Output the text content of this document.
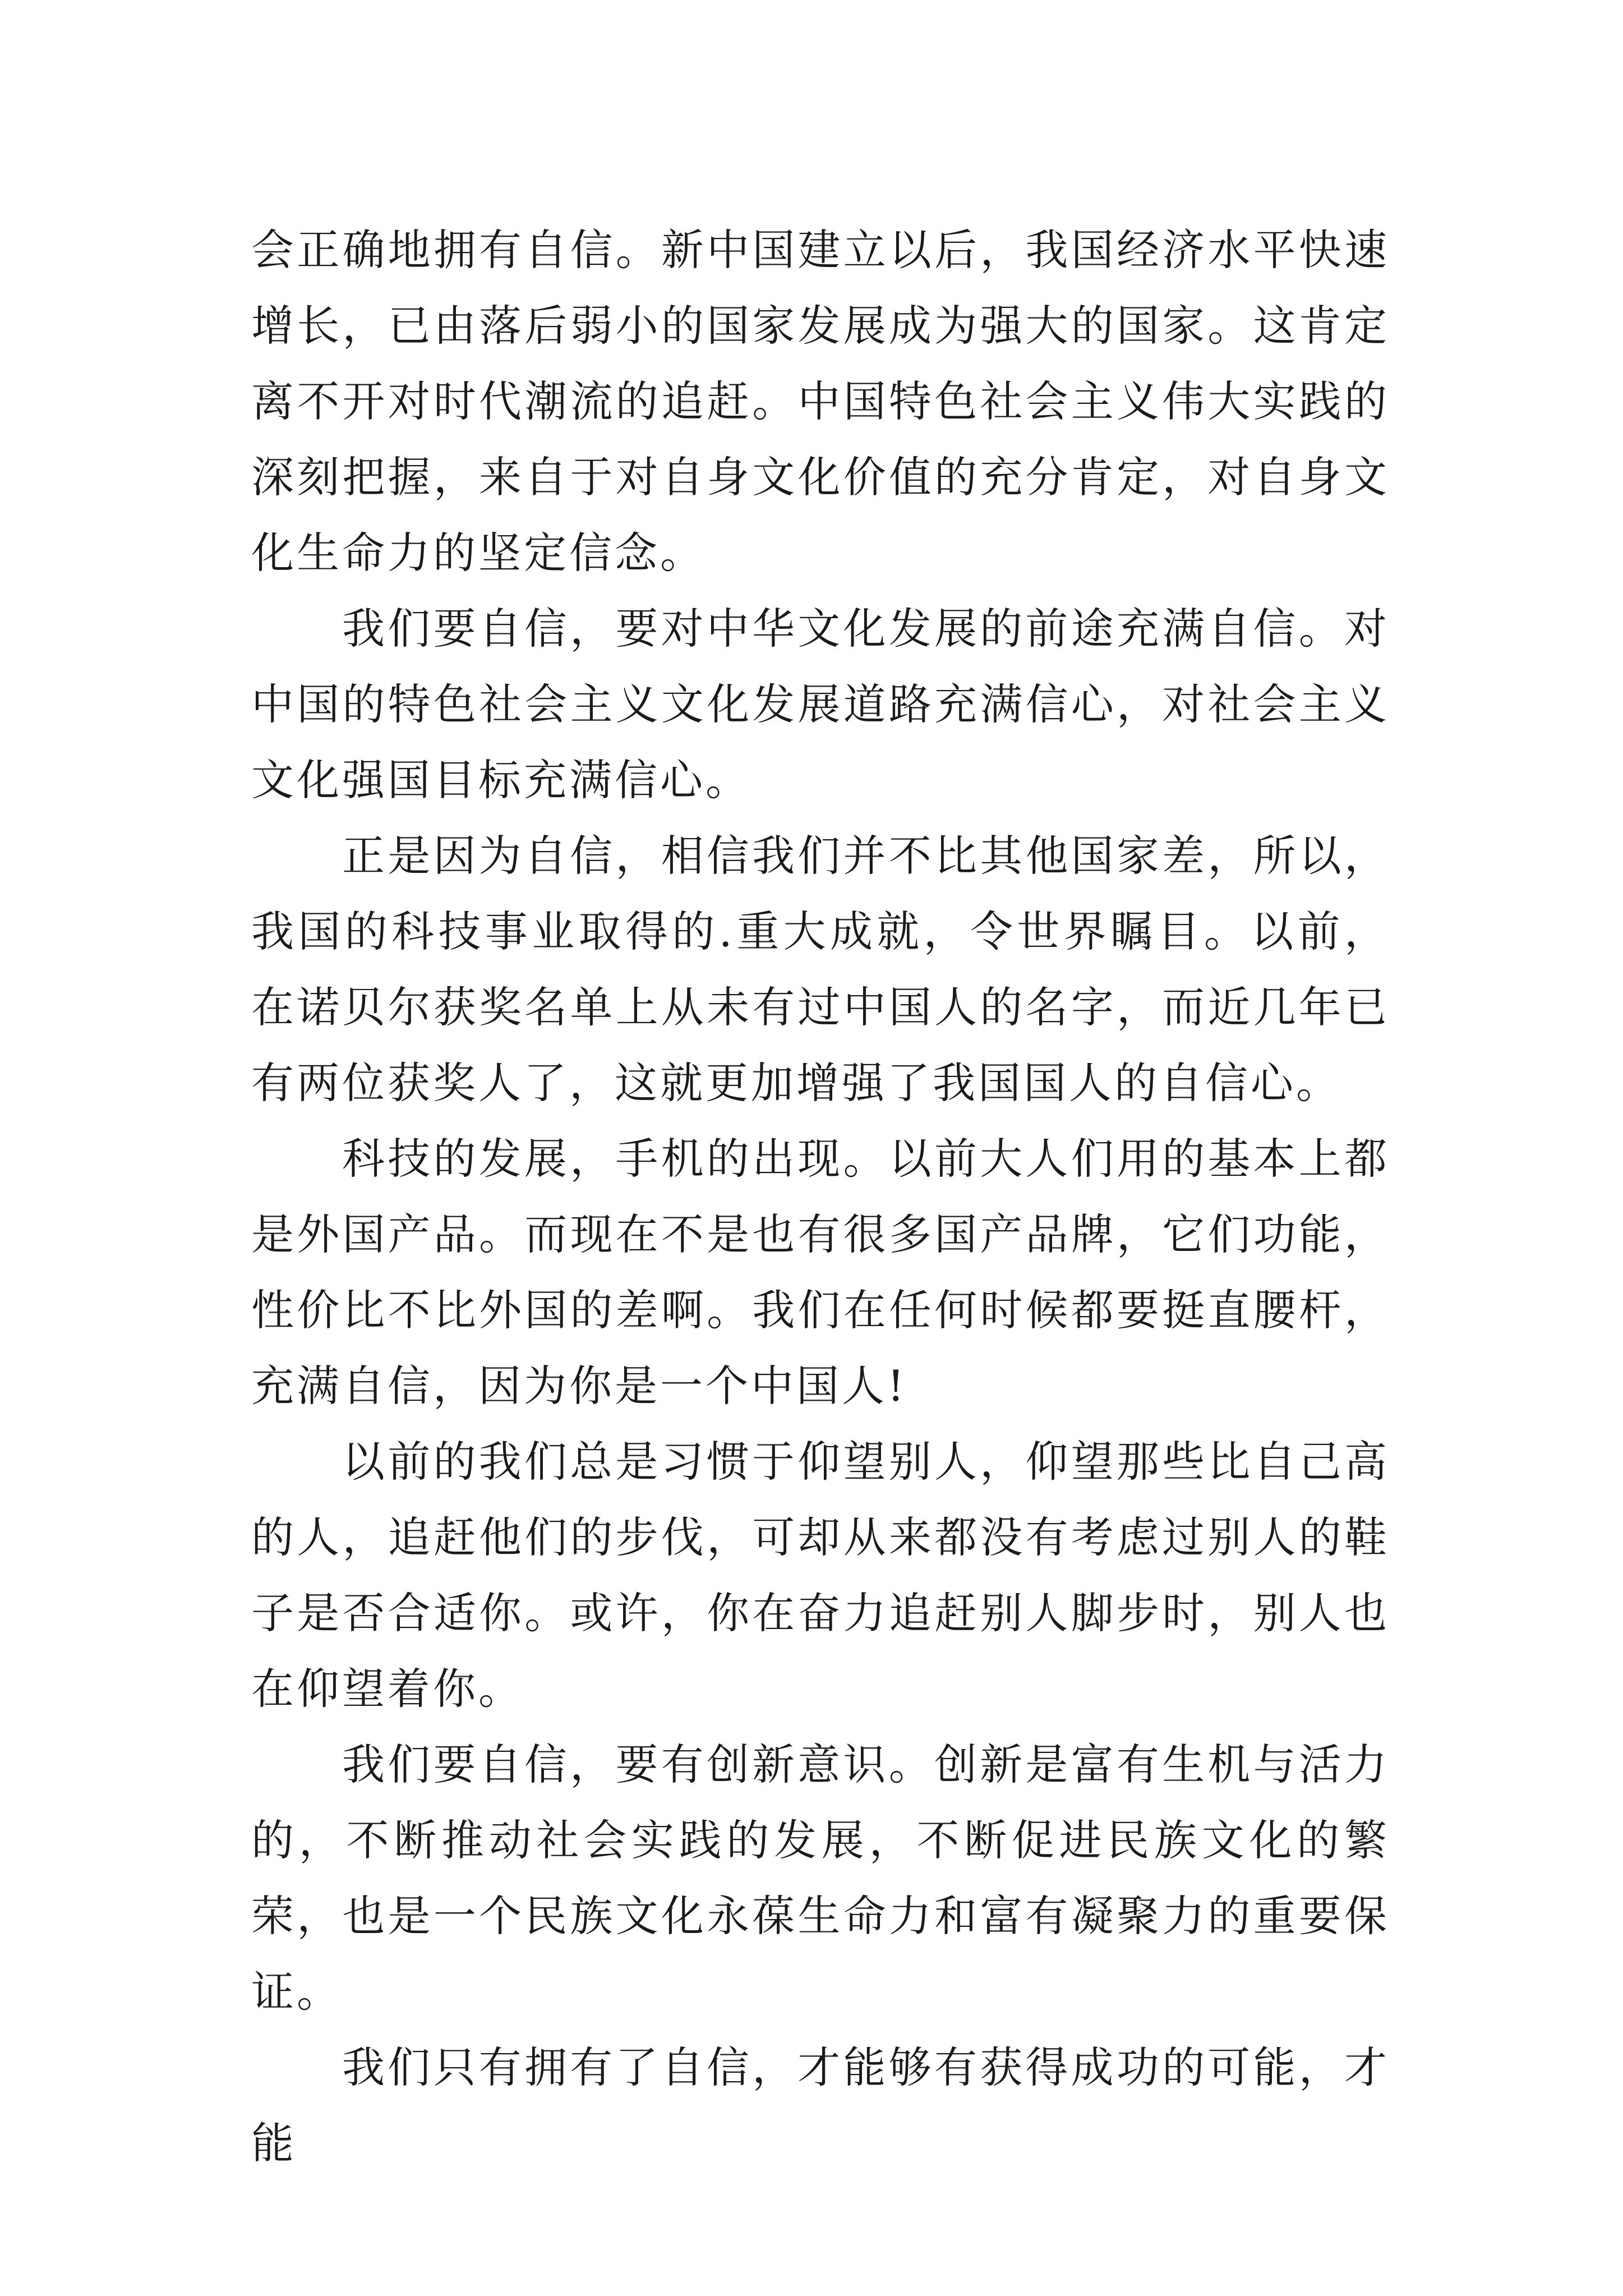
会正确地拥有自信。新中国建立以后，我国经济水平快速增长，已由落后弱小的国家发展成为强大的国家。这肯定离不开对时代潮流的追赶。中国特色社会主义伟大实践的深刻把握，来自于对自身文化价值的充分肯定，对自身文化生命力的坚定信念。

我们要自信，要对中华文化发展的前途充满自信。对中国的特色社会主义文化发展道路充满信心，对社会主义文化强国目标充满信心。

正是因为自信，相信我们并不比其他国家差，所以，我国的科技事业取得的.重大成就，令世界瞩目。以前，在诺贝尔获奖名单上从未有过中国人的名字，而近几年已有两位获奖人了，这就更加增强了我国国人的自信心。

科技的发展，手机的出现。以前大人们用的基本上都是外国产品。而现在不是也有很多国产品牌，它们功能，性价比不比外国的差啊。我们在任何时候都要挺直腰杆，充满自信，因为你是一个中国人!

以前的我们总是习惯于仰望别人，仰望那些比自己高的人，追赶他们的步伐，可却从来都没有考虑过别人的鞋子是否合适你。或许，你在奋力追赶别人脚步时，别人也在仰望着你。

我们要自信，要有创新意识。创新是富有生机与活力的，不断推动社会实践的发展，不断促进民族文化的繁荣，也是一个民族文化永葆生命力和富有凝聚力的重要保证。

我们只有拥有了自信，才能够有获得成功的可能，才能
